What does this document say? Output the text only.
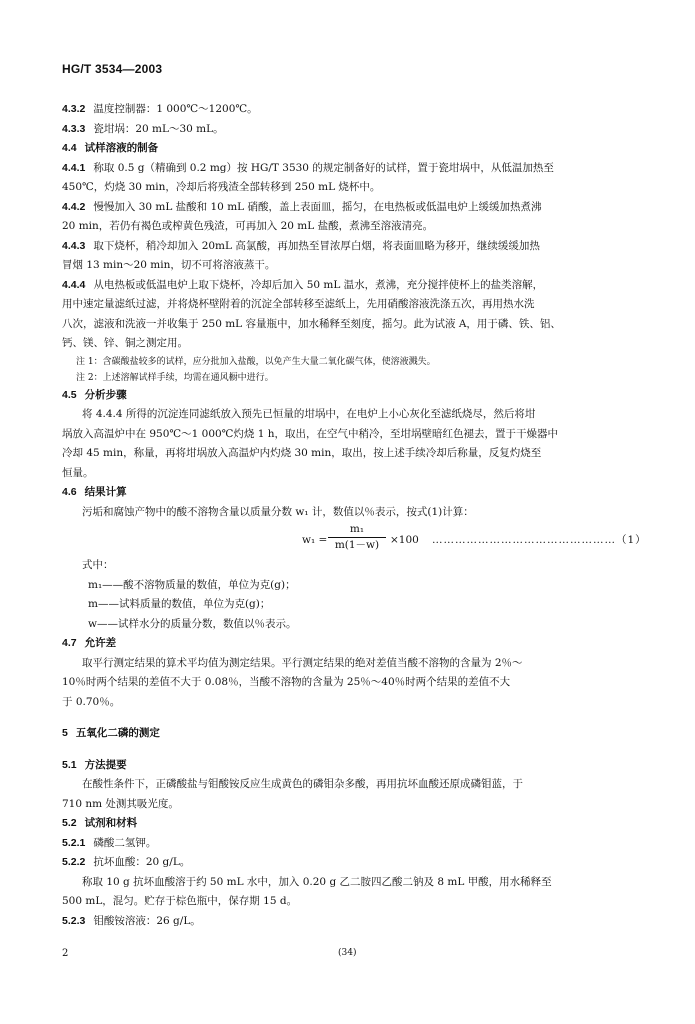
HG/T 3534—2003
4.3.2 温度控制器：1 000℃～1200℃。
4.3.3 瓷坩埚：20 mL～30 mL。
4.4 试样溶液的制备
4.4.1 称取 0.5 g（精确到 0.2 mg）按 HG/T 3530 的规定制备好的试样，置于瓷坩埚中，从低温加热至
450℃，灼烧 30 min，冷却后将残渣全部转移到 250 mL 烧杯中。
4.4.2 慢慢加入 30 mL 盐酸和 10 mL 硝酸，盖上表面皿，摇匀，在电热板或低温电炉上缓缓加热煮沸
20 min，若仍有褐色或榨黄色残渣，可再加入 20 mL 盐酸，煮沸至溶液清亮。
4.4.3 取下烧杯，稍冷却加入 20mL 高氯酸，再加热至冒浓厚白烟，将表面皿略为移开，继续缓缓加热
冒烟 13 min～20 min，切不可将溶液蒸干。
4.4.4 从电热板或低温电炉上取下烧杯，冷却后加入 50 mL 温水，煮沸，充分搅拌使杯上的盐类溶解，
用中速定量滤纸过滤，并将烧杯壁附着的沉淀全部转移至滤纸上，先用硝酸溶液洗涤五次，再用热水洗
八次，滤液和洗液一并收集于 250 mL 容量瓶中，加水稀释至刻度，摇匀。此为试液 A，用于磷、铁、铝、
钙、镁、锌、铜之测定用。
注 1：含碳酸盐较多的试样，应分批加入盐酸，以免产生大量二氧化碳气体，使溶液溅失。
注 2：上述溶解试样手续，均需在通风橱中进行。
4.5 分析步骤
将 4.4.4 所得的沉淀连同滤纸放入预先已恒量的坩埚中，在电炉上小心灰化至滤纸烧尽，然后将坩
埚放入高温炉中在 950℃～1 000℃灼烧 1 h，取出，在空气中稍冷，至坩埚壁暗红色褪去，置于干燥器中
冷却 45 min，称量，再将坩埚放入高温炉内灼烧 30 min，取出，按上述手续冷却后称量，反复灼烧至
恒量。
4.6 结果计算
污垢和腐蚀产物中的酸不溶物含量以质量分数 w₁ 计，数值以％表示，按式(1)计算：
$w_1 = \frac{\text{m₁}}{m(1-w)} \times 100$ …………………………………………（1）
式中：
m₁——酸不溶物质量的数值，单位为克(g)；
m——试料质量的数值，单位为克(g)；
w——试样水分的质量分数，数值以％表示。
4.7 允许差
取平行测定结果的算术平均值为测定结果。平行测定结果的绝对差值当酸不溶物的含量为 2％～
10％时两个结果的差值不大于 0.08％，当酸不溶物的含量为 25％～40％时两个结果的差值不大
于 0.70％。
5 五氧化二磷的测定
5.1 方法提要
在酸性条件下，正磷酸盐与钼酸铵反应生成黄色的磷钼杂多酸，再用抗坏血酸还原成磷钼蓝，于
710 nm 处测其吸光度。
5.2 试剂和材料
5.2.1 磷酸二氢钾。
5.2.2 抗坏血酸：20 g/L。
称取 10 g 抗坏血酸溶于约 50 mL 水中，加入 0.20 g 乙二胺四乙酸二钠及 8 mL 甲酸，用水稀释至
500 mL，混匀。贮存于棕色瓶中，保存期 15 d。
5.2.3 钼酸铵溶液：26 g/L。
2	(34)
